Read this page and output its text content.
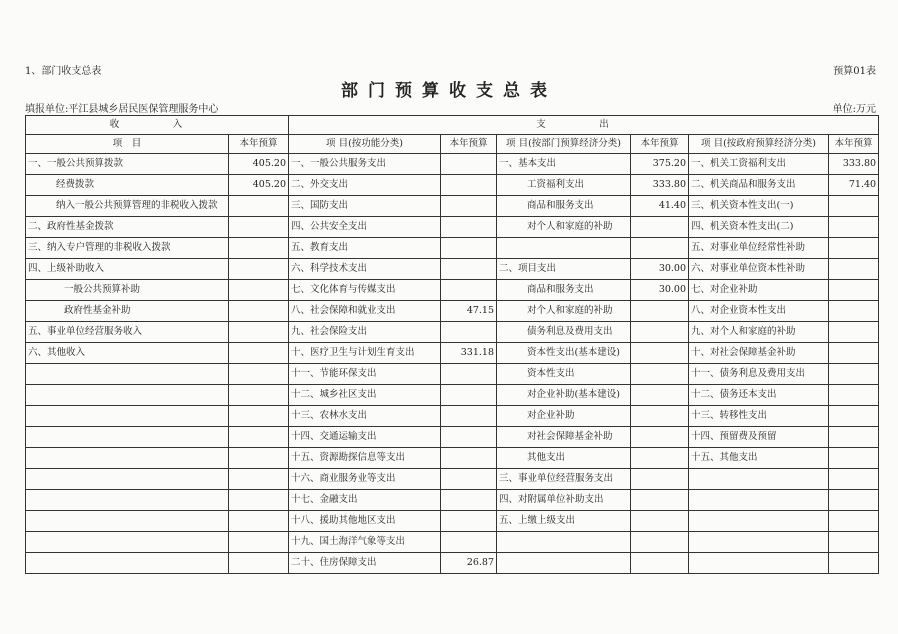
1、部门收支总表	预算01表
部门预算收支总表
填报单位:平江县城乡居民医保管理服务中心	单位:万元
收　入		支　出					
项　目	本年预算	项 目(按功能分类)	本年预算	项 目(按部门预算经济分类)	本年预算	项 目(按政府预算经济分类)	本年预算
一、一般公共预算拨款	405.20	一、一般公共服务支出		一、基本支出	375.20	一、机关工资福利支出	333.80
经费拨款	405.20	二、外交支出		工资福利支出	333.80	二、机关商品和服务支出	71.40
纳入一般公共预算管理的非税收入拨款		三、国防支出		商品和服务支出	41.40	三、机关资本性支出(一)	
二、政府性基金拨款		四、公共安全支出		对个人和家庭的补助		四、机关资本性支出(二)	
三、纳入专户管理的非税收入拨款		五、教育支出				五、对事业单位经常性补助	
四、上级补助收入		六、科学技术支出		二、项目支出	30.00	六、对事业单位资本性补助	
一般公共预算补助		七、文化体育与传媒支出		商品和服务支出	30.00	七、对企业补助	
政府性基金补助		八、社会保障和就业支出	47.15	对个人和家庭的补助		八、对企业资本性支出	
五、事业单位经营服务收入		九、社会保险支出		债务利息及费用支出		九、对个人和家庭的补助	
六、其他收入		十、医疗卫生与计划生育支出	331.18	资本性支出(基本建设)		十、对社会保障基金补助	
		十一、节能环保支出		资本性支出		十一、债务利息及费用支出	
		十二、城乡社区支出		对企业补助(基本建设)		十二、债务还本支出	
		十三、农林水支出		对企业补助		十三、转移性支出	
		十四、交通运输支出		对社会保障基金补助		十四、预留费及预留	
		十五、资源勘探信息等支出		其他支出		十五、其他支出	
		十六、商业服务业等支出		三、事业单位经营服务支出			
		十七、金融支出		四、对附属单位补助支出			
		十八、援助其他地区支出		五、上缴上级支出			
		十九、国土海洋气象等支出					
		二十、住房保障支出	26.87				
